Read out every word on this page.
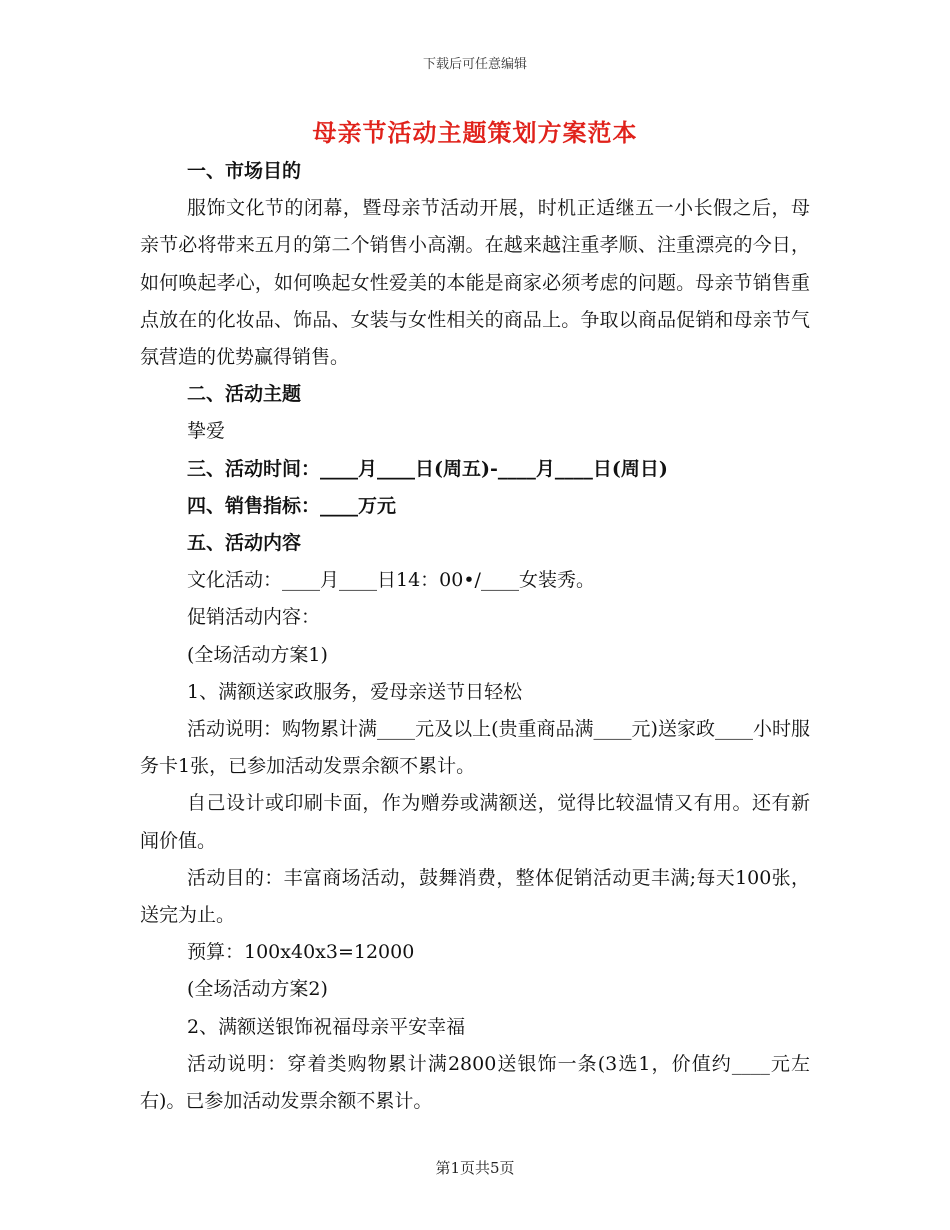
下载后可任意编辑
母亲节活动主题策划方案范本

一、市场目的

服饰文化节的闭幕，暨母亲节活动开展，时机正适继五一小长假之后，母亲节必将带来五月的第二个销售小高潮。在越来越注重孝顺、注重漂亮的今日，如何唤起孝心，如何唤起女性爱美的本能是商家必须考虑的问题。母亲节销售重点放在的化妆品、饰品、女装与女性相关的商品上。争取以商品促销和母亲节气氛营造的优势赢得销售。

二、活动主题

挚爱

三、活动时间：____月____日(周五)-____月____日(周日)

四、销售指标：____万元

五、活动内容

文化活动：____月____日14：00•/____女装秀。

促销活动内容：

(全场活动方案1)

1、满额送家政服务，爱母亲送节日轻松

活动说明：购物累计满____元及以上(贵重商品满____元)送家政____小时服务卡1张，已参加活动发票余额不累计。

自己设计或印刷卡面，作为赠券或满额送，觉得比较温情又有用。还有新闻价值。

活动目的：丰富商场活动，鼓舞消费，整体促销活动更丰满;每天100张，送完为止。

预算：100x40x3=12000

(全场活动方案2)

2、满额送银饰祝福母亲平安幸福

活动说明：穿着类购物累计满2800送银饰一条(3选1，价值约____元左右)。已参加活动发票余额不累计。

第1页共5页
